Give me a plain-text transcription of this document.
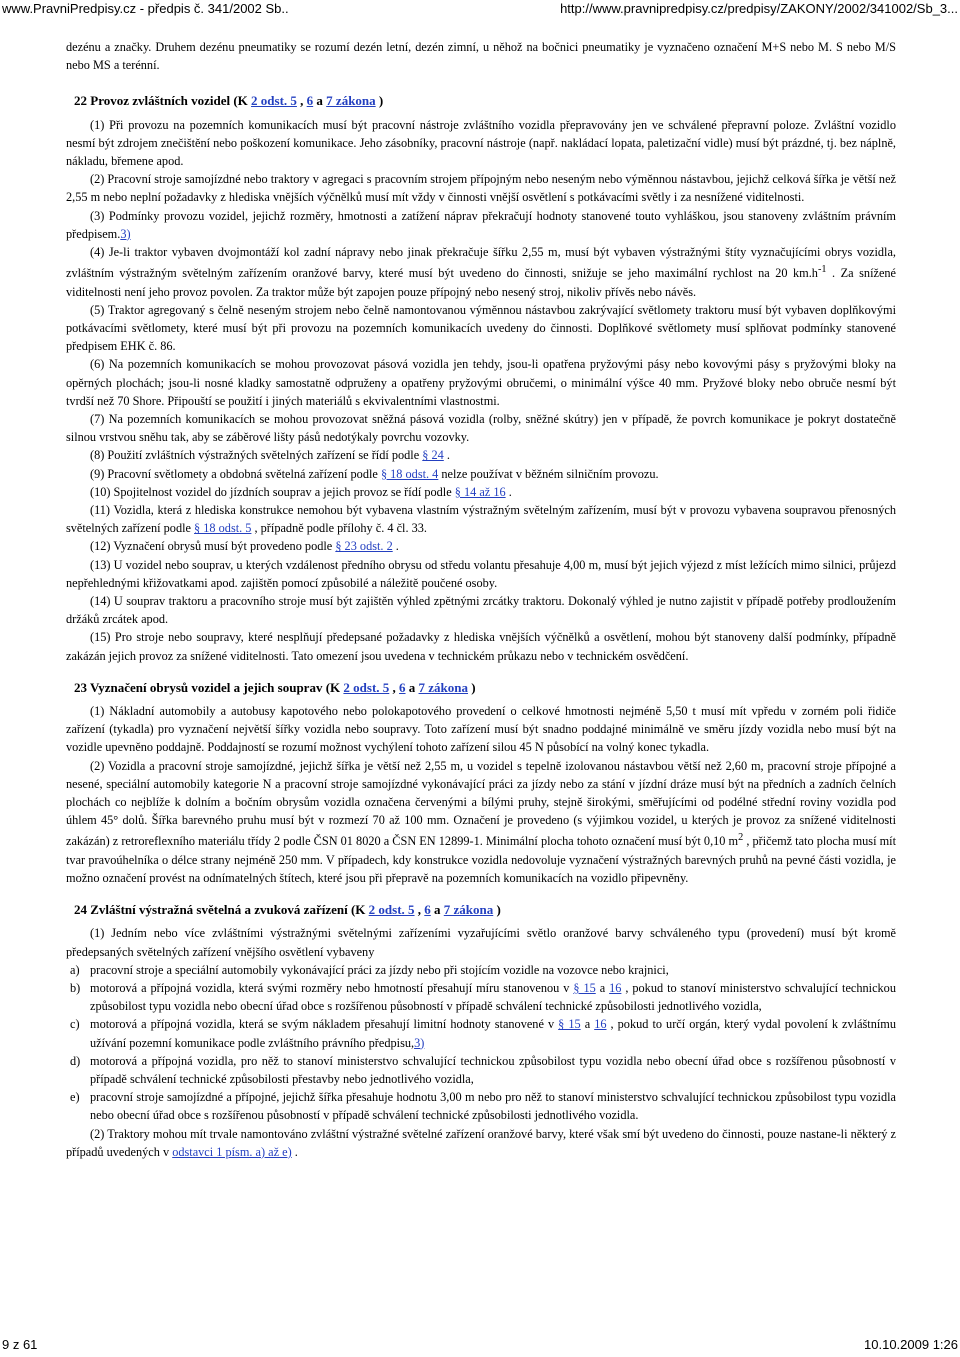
www.PravniPredpisy.cz - předpis č. 341/2002 Sb..	http://www.pravnipredpisy.cz/predpisy/ZAKONY/2002/341002/Sb_3...

dezénu a značky. Druhem dezénu pneumatiky se rozumí dezén letní, dezén zimní, u něhož na bočnici pneumatiky je vyznačeno označení M+S nebo M. S nebo M/S nebo MS a terénní.

22 Provoz zvláštních vozidel (K 2 odst. 5 , 6 a 7 zákona )

(1) Při provozu na pozemních komunikacích musí být pracovní nástroje zvláštního vozidla přepravovány jen ve schválené přepravní poloze. Zvláštní vozidlo nesmí být zdrojem znečištění nebo poškození komunikace. Jeho zásobníky, pracovní nástroje (např. nakládací lopata, paletizační vidle) musí být prázdné, tj. bez náplně, nákladu, břemene apod.

(2) Pracovní stroje samojízdné nebo traktory v agregaci s pracovním strojem přípojným nebo neseným nebo výměnnou nástavbou, jejichž celková šířka je větší než 2,55 m nebo neplní požadavky z hlediska vnějších výčnělků musí mít vždy v činnosti vnější osvětlení s potkávacími světly i za nesnížené viditelnosti.

(3) Podmínky provozu vozidel, jejichž rozměry, hmotnosti a zatížení náprav překračují hodnoty stanovené touto vyhláškou, jsou stanoveny zvláštním právním předpisem.3)

(4) Je-li traktor vybaven dvojmontáží kol zadní nápravy nebo jinak překračuje šířku 2,55 m, musí být vybaven výstražnými štíty vyznačujícími obrys vozidla, zvláštním výstražným světelným zařízením oranžové barvy, které musí být uvedeno do činnosti, snižuje se jeho maximální rychlost na 20 $km.h^{-1}$ . Za snížené viditelnosti není jeho provoz povolen. Za traktor může být zapojen pouze přípojný nebo nesený stroj, nikoliv přívěs nebo návěs.

(5) Traktor agregovaný s čelně neseným strojem nebo čelně namontovanou výměnnou nástavbou zakrývající světlomety traktoru musí být vybaven doplňkovými potkávacími světlomety, které musí být při provozu na pozemních komunikacích uvedeny do činnosti. Doplňkové světlomety musí splňovat podmínky stanovené předpisem EHK č. 86.

(6) Na pozemních komunikacích se mohou provozovat pásová vozidla jen tehdy, jsou-li opatřena pryžovými pásy nebo kovovými pásy s pryžovými bloky na opěrných plochách; jsou-li nosné kladky samostatně odpruženy a opatřeny pryžovými obručemi, o minimální výšce 40 mm. Pryžové bloky nebo obruče nesmí být tvrdší než 70 Shore. Připouští se použití i jiných materiálů s ekvivalentními vlastnostmi.

(7) Na pozemních komunikacích se mohou provozovat sněžná pásová vozidla (rolby, sněžné skútry) jen v případě, že povrch komunikace je pokryt dostatečně silnou vrstvou sněhu tak, aby se záběrové lišty pásů nedotýkaly povrchu vozovky.

(8) Použití zvláštních výstražných světelných zařízení se řídí podle § 24 .

(9) Pracovní světlomety a obdobná světelná zařízení podle § 18 odst. 4 nelze používat v běžném silničním provozu.

(10) Spojitelnost vozidel do jízdních souprav a jejich provoz se řídí podle § 14 až 16 .

(11) Vozidla, která z hlediska konstrukce nemohou být vybavena vlastním výstražným světelným zařízením, musí být v provozu vybavena soupravou přenosných světelných zařízení podle § 18 odst. 5 , případně podle přílohy č. 4 čl. 33.

(12) Vyznačení obrysů musí být provedeno podle § 23 odst. 2 .

(13) U vozidel nebo souprav, u kterých vzdálenost předního obrysu od středu volantu přesahuje 4,00 m, musí být jejich výjezd z míst ležících mimo silnici, průjezd nepřehlednými křižovatkami apod. zajištěn pomocí způsobilé a náležitě poučené osoby.

(14) U souprav traktoru a pracovního stroje musí být zajištěn výhled zpětnými zrcátky traktoru. Dokonalý výhled je nutno zajistit v případě potřeby prodloužením držáků zrcátek apod.

(15) Pro stroje nebo soupravy, které nesplňují předepsané požadavky z hlediska vnějších výčnělků a osvětlení, mohou být stanoveny další podmínky, případně zakázán jejich provoz za snížené viditelnosti. Tato omezení jsou uvedena v technickém průkazu nebo v technickém osvědčení.

23 Vyznačení obrysů vozidel a jejich souprav (K 2 odst. 5 , 6 a 7 zákona )

(1) Nákladní automobily a autobusy kapotového nebo polokapotového provedení o celkové hmotnosti nejméně 5,50 t musí mít vpředu v zorném poli řidiče zařízení (tykadla) pro vyznačení největší šířky vozidla nebo soupravy. Toto zařízení musí být snadno poddajné minimálně ve směru jízdy vozidla nebo musí být na vozidle upevněno poddajně. Poddajností se rozumí možnost vychýlení tohoto zařízení silou 45 N působící na volný konec tykadla.

(2) Vozidla a pracovní stroje samojízdné, jejichž šířka je větší než 2,55 m, u vozidel s tepelně izolovanou nástavbou větší než 2,60 m, pracovní stroje přípojné a nesené, speciální automobily kategorie N a pracovní stroje samojízdné vykonávající práci za jízdy nebo za stání v jízdní dráze musí být na předních a zadních čelních plochách co nejblíže k dolním a bočním obrysům vozidla označena červenými a bílými pruhy, stejně širokými, směřujícími od podélné střední roviny vozidla pod úhlem 45° dolů. Šířka barevného pruhu musí být v rozmezí 70 až 100 mm. Označení je provedeno (s výjimkou vozidel, u kterých je provoz za snížené viditelnosti zakázán) z retroreflexního materiálu třídy 2 podle ČSN 01 8020 a ČSN EN 12899-1. Minimální plocha tohoto označení musí být 0,10 $m^2$ , přičemž tato plocha musí mít tvar pravoúhelníka o délce strany nejméně 250 mm. V případech, kdy konstrukce vozidla nedovoluje vyznačení výstražných barevných pruhů na pevné části vozidla, je možno označení provést na odnímatelných štítech, které jsou při přepravě na pozemních komunikacích na vozidlo připevněny.

24 Zvláštní výstražná světelná a zvuková zařízení (K 2 odst. 5 , 6 a 7 zákona )

(1) Jedním nebo více zvláštními výstražnými světelnými zařízeními vyzařujícími světlo oranžové barvy schváleného typu (provedení) musí být kromě předepsaných světelných zařízení vnějšího osvětlení vybaveny

a) pracovní stroje a speciální automobily vykonávající práci za jízdy nebo při stojícím vozidle na vozovce nebo krajnici,
b) motorová a přípojná vozidla, která svými rozměry nebo hmotností přesahují míru stanovenou v § 15 a 16 , pokud to stanoví ministerstvo schvalující technickou způsobilost typu vozidla nebo obecní úřad obce s rozšířenou působností v případě schválení technické způsobilosti jednotlivého vozidla,
c) motorová a přípojná vozidla, která se svým nákladem přesahují limitní hodnoty stanovené v § 15 a 16 , pokud to určí orgán, který vydal povolení k zvláštnímu užívání pozemní komunikace podle zvláštního právního předpisu,3)
d) motorová a přípojná vozidla, pro něž to stanoví ministerstvo schvalující technickou způsobilost typu vozidla nebo obecní úřad obce s rozšířenou působností v případě schválení technické způsobilosti přestavby nebo jednotlivého vozidla,
e) pracovní stroje samojízdné a přípojné, jejichž šířka přesahuje hodnotu 3,00 m nebo pro něž to stanoví ministerstvo schvalující technickou způsobilost typu vozidla nebo obecní úřad obce s rozšířenou působností v případě schválení technické způsobilosti jednotlivého vozidla.

(2) Traktory mohou mít trvale namontováno zvláštní výstražné světelné zařízení oranžové barvy, které však smí být uvedeno do činnosti, pouze nastane-li některý z případů uvedených v odstavci 1 písm. a) až e) .

9 z 61	10.10.2009 1:26
